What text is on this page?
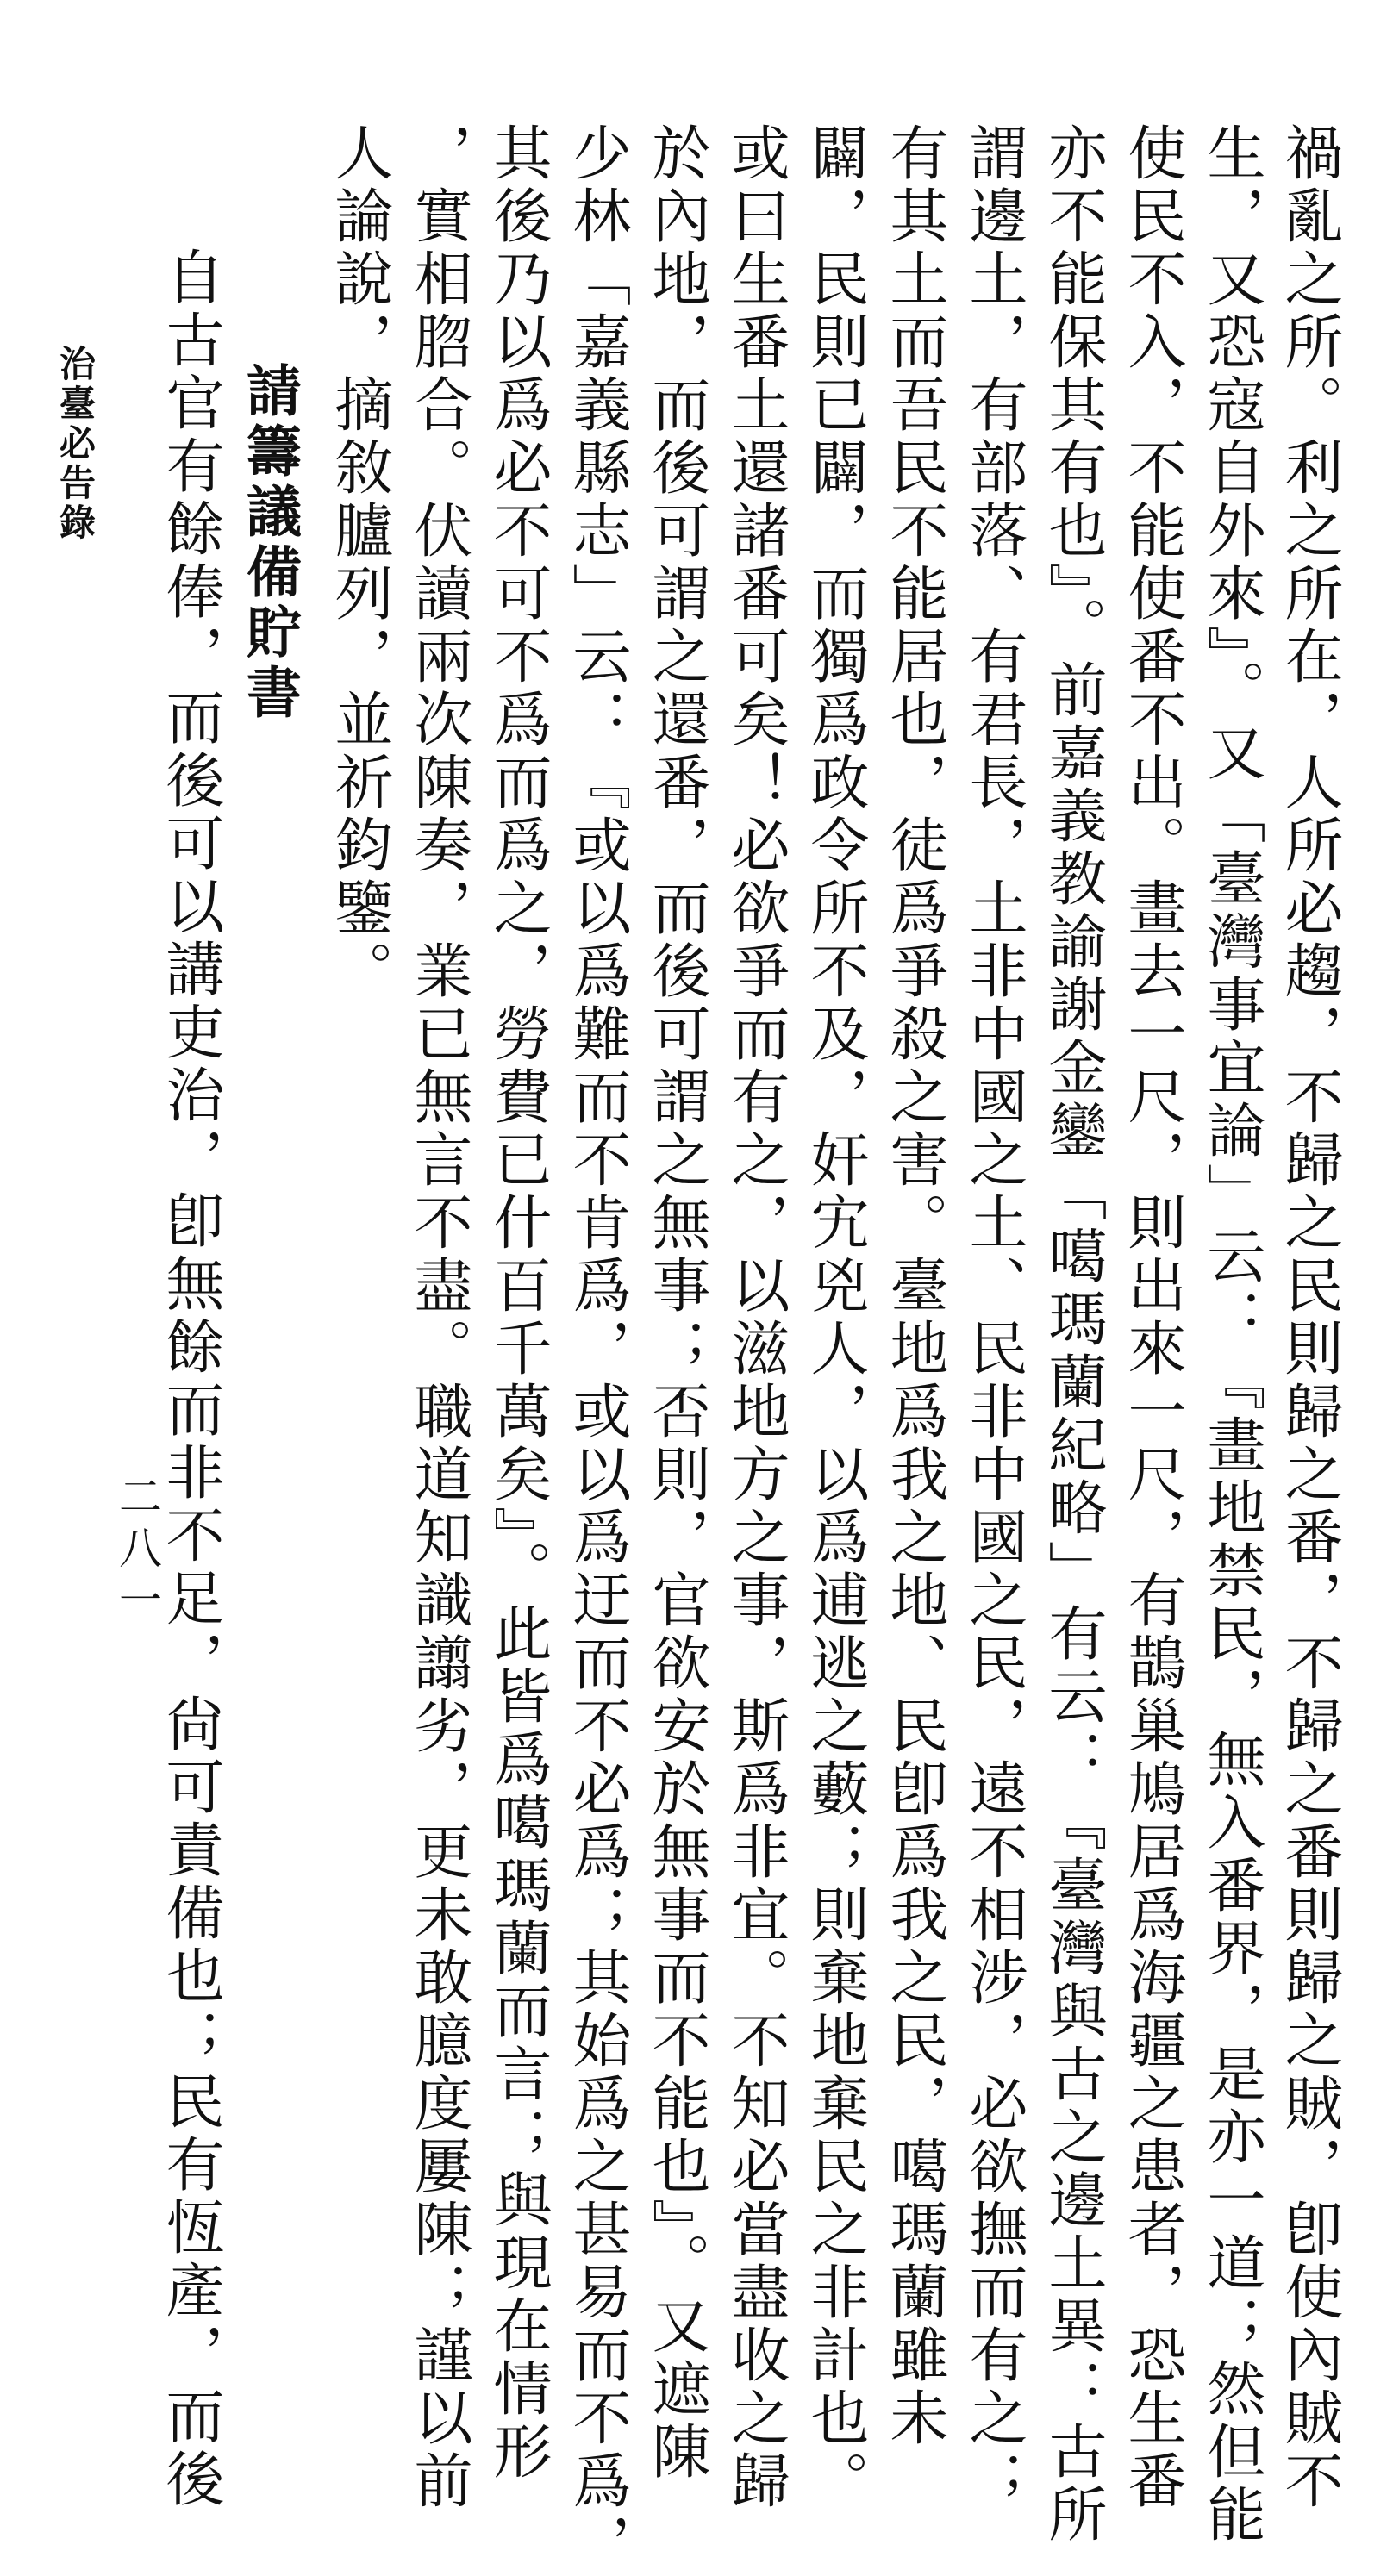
禍亂之所。利之所在，人所必趨，不歸之民則歸之番，不歸之番則歸之賊，卽使內賊不
生，又恐寇自外來』。又「臺灣事宜論」云：『畫地禁民，無入番界，是亦一道；然但能
使民不入，不能使番不出。畫去一尺，則出來一尺，有鵲巢鳩居爲海疆之患者，恐生番
亦不能保其有也』。前嘉義教諭謝金鑾「噶瑪蘭紀略」有云：『臺灣與古之邊土異：古所
謂邊土，有部落、有君長，土非中國之土、民非中國之民，遠不相涉，必欲撫而有之；
有其土而吾民不能居也，徒爲爭殺之害。臺地爲我之地、民卽爲我之民，噶瑪蘭雖未
闢，民則已闢，而獨爲政令所不及，奸宄兇人，以爲逋逃之藪；則棄地棄民之非計也。
或曰生番土還諸番可矣！必欲爭而有之，以滋地方之事，斯爲非宜。不知必當盡收之歸
於內地，而後可謂之還番，而後可謂之無事；否則，官欲安於無事而不能也』。又遮陳
少林「嘉義縣志」云：『或以爲難而不肯爲，或以爲迂而不必爲；其始爲之甚易而不爲，
其後乃以爲必不可不爲而爲之，勞費已什百千萬矣』。此皆爲噶瑪蘭而言；與現在情形
，實相脗合。伏讀兩次陳奏，業已無言不盡。職道知識譾劣，更未敢臆度屢陳；謹以前
人論說，摘敘臚列，並祈鈞鑒。
請籌議備貯書
自古官有餘俸，而後可以講吏治，卽無餘而非不足，尙可責備也；民有恆產，而後
治臺必告錄
二八一
